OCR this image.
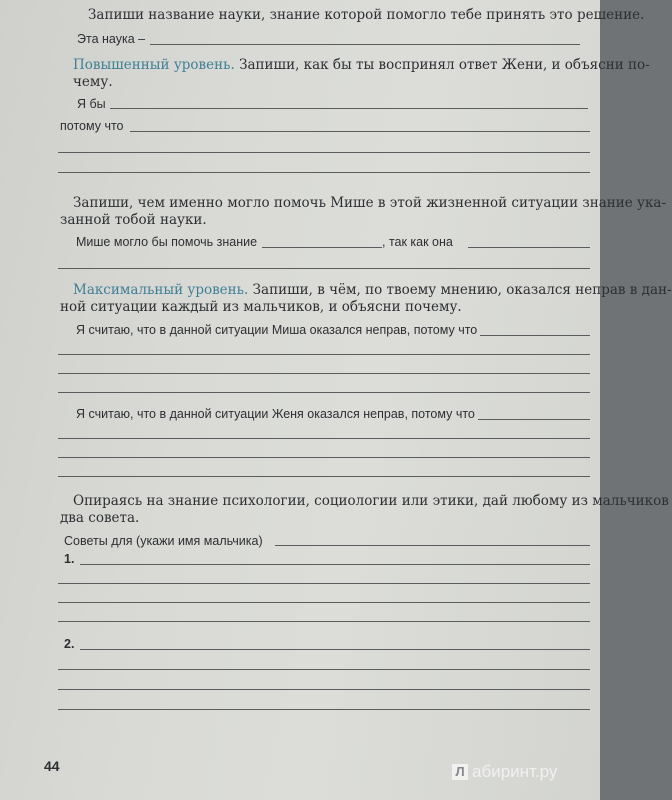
Запиши название науки, знание которой помогло тебе принять это решение.
Эта наука –
Повышенный уровень. Запиши, как бы ты воспринял ответ Жени, и объясни по-
чему.
Я бы
потому что
Запиши, чем именно могло помочь Мише в этой жизненной ситуации знание ука-
занной тобой науки.
Мише могло бы помочь знание	, так как она
Максимальный уровень. Запиши, в чём, по твоему мнению, оказался неправ в дан-
ной ситуации каждый из мальчиков, и объясни почему.
Я считаю, что в данной ситуации Миша оказался неправ, потому что
Я считаю, что в данной ситуации Женя оказался неправ, потому что
Опираясь на знание психологии, социологии или этики, дай любому из мальчиков
два совета.
Советы для (укажи имя мальчика)
1.
2.
44	Л абиринт.ру
